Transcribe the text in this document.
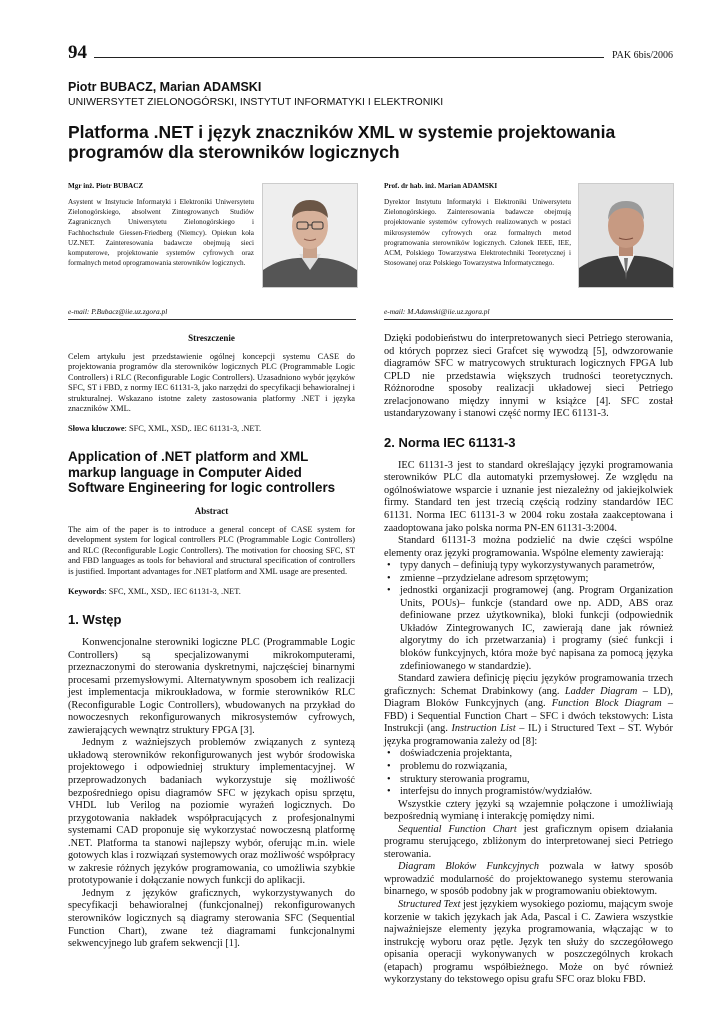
94	PAK 6bis/2006
Piotr BUBACZ, Marian ADAMSKI
UNIWERSYTET ZIELONOGÓRSKI, INSTYTUT INFORMATYKI I ELEKTRONIKI
Platforma .NET i język znaczników XML w systemie projektowania programów dla sterowników logicznych
Mgr inż. Piotr BUBACZ
Asystent w Instytucie Informatyki i Elektroniki Uniwersytetu Zielonogórskiego, absolwent Zintegrowanych Studiów Zagranicznych Uniwersytetu Zielonogórskiego i Fachhochschule Giessen-Friedberg (Niemcy). Opiekun koła UZ.NET. Zainteresowania badawcze obejmują sieci komputerowe, projektowanie systemów cyfrowych oraz formalnych metod oprogramowania sterowników logicznych.
e-mail: P.Bubacz@iie.uz.zgora.pl
Prof. dr hab. inż. Marian ADAMSKI
Dyrektor Instytutu Informatyki i Elektroniki Uniwersytetu Zielonogórskiego. Zainteresowania badawcze obejmują projektowanie systemów cyfrowych realizowanych w postaci mikrosystemów cyfrowych oraz formalnych metod programowania sterowników logicznych. Członek IEEE, IEE, ACM, Polskiego Towarzystwa Elektrotechniki Teoretycznej i Stosowanej oraz Polskiego Towarzystwa Informatycznego.
e-mail: M.Adamski@iie.uz.zgora.pl
Streszczenie
Celem artykułu jest przedstawienie ogólnej koncepcji systemu CASE do projektowania programów dla sterowników logicznych PLC (Programmable Logic Controllers) i RLC (Reconfigurable Logic Controllers). Uzasadniono wybór języków SFC, ST i FBD, z normy IEC 61131-3, jako narzędzi do specyfikacji behawioralnej i strukturalnej. Wskazano istotne zalety zastosowania platformy .NET i języka znaczników XML.
Słowa kluczowe: SFC, XML, XSD,. IEC 61131-3, .NET.
Application of .NET platform and XML markup language in Computer Aided Software Engineering for logic controllers
Abstract
The aim of the paper is to introduce a general concept of CASE system for development system for logical controllers PLC (Programmable Logic Controllers) and RLC (Reconfigurable Logic Controllers). The motivation for choosing SFC, ST and FBD languages as tools for behavioral and structural specification of controllers is justified. Important advantages for .NET platform and XML usage are presented.
Keywords: SFC, XML, XSD,. IEC 61131-3, .NET.
1. Wstęp

Konwencjonalne sterowniki logiczne PLC (Programmable Logic Controllers) są specjalizowanymi mikrokomputerami, przeznaczonymi do sterowania dyskretnymi, najczęściej binarnymi procesami przemysłowymi. Alternatywnym sposobem ich realizacji jest implementacja mikroukładowa, w formie sterowników RLC (Reconfigurable Logic Controllers), wbudowanych na przykład do nowoczesnych rekonfigurowanych mikrosystemów cyfrowych, zawierających wewnątrz struktury FPGA [3].

Jednym z ważniejszych problemów związanych z syntezą układową sterowników rekonfigurowanych jest wybór środowiska projektowego i odpowiedniej struktury implementacyjnej. W przeprowadzonych badaniach wykorzystuje się możliwość bezpośredniego opisu diagramów SFC w językach opisu sprzętu, VHDL lub Verilog na poziomie wyrażeń logicznych. Do przygotowania nakładek współpracujących z profesjonalnymi systemami CAD proponuje się wykorzystać nowoczesną platformę .NET. Platforma ta stanowi najlepszy wybór, oferując m.in. wiele gotowych klas i rozwiązań systemowych oraz możliwość współpracy w zakresie różnych języków programowania, co umożliwia szybkie prototypowanie i dołączanie nowych funkcji do aplikacji.

Jednym z języków graficznych, wykorzystywanych do specyfikacji behawioralnej (funkcjonalnej) rekonfigurowanych sterowników logicznych są diagramy sterowania SFC (Sequential Function Chart), zwane też diagramami funkcjonalnymi sekwencyjnego lub grafem sekwencji [1].

Dzięki podobieństwu do interpretowanych sieci Petriego sterowania, od których poprzez sieci Grafcet się wywodzą [5], odwzorowanie diagramów SFC w matrycowych strukturach logicznych FPGA lub CPLD nie przedstawia większych trudności teoretycznych. Różnorodne sposoby realizacji układowej sieci Petriego zrelacjonowano między innymi w książce [4]. SFC został ustandaryzowany i stanowi część normy IEC 61131-3.

2. Norma IEC 61131-3

IEC 61131-3 jest to standard określający języki programowania sterowników PLC dla automatyki przemysłowej. Ze względu na ogólnoświatowe wsparcie i uznanie jest niezależny od jakiejkolwiek firmy. Standard ten jest trzecią częścią rodziny standardów IEC 61131. Norma IEC 61131-3 w 2004 roku została zaakceptowana i zaadoptowana jako polska norma PN-EN 61131-3:2004.

Standard 61131-3 można podzielić na dwie części wspólne elementy oraz języki programowania. Wspólne elementy zawierają:

• typy danych – definiują typy wykorzystywanych parametrów,
• zmienne –przydzielane adresom sprzętowym;
• jednostki organizacji programowej (ang. Program Organization Units, POUs)– funkcje (standard owe np. ADD, ABS oraz definiowane przez użytkownika), bloki funkcji (odpowiednik Układów Zintegrowanych IC, zawierają dane jak również algorytmy do ich przetwarzania) i programy (sieć funkcji i bloków funkcyjnych, która może być napisana za pomocą języka zdefiniowanego w standardzie).

Standard zawiera definicję pięciu języków programowania trzech graficznych: Schemat Drabinkowy (ang. Ladder Diagram – LD), Diagram Bloków Funkcyjnych (ang. Function Block Diagram – FBD) i Sequential Function Chart – SFC i dwóch tekstowych: Lista Instrukcji (ang. Instruction List – IL) i Structured Text – ST. Wybór języka programowania zależy od [8]:

• doświadczenia projektanta,
• problemu do rozwiązania,
• struktury sterowania programu,
• interfejsu do innych programistów/wydziałów.

Wszystkie cztery języki są wzajemnie połączone i umożliwiają bezpośrednią wymianę i interakcję pomiędzy nimi.

Sequential Function Chart jest graficznym opisem działania programu sterującego, zbliżonym do interpretowanej sieci Petriego sterowania.

Diagram Bloków Funkcyjnych pozwala w łatwy sposób wprowadzić modularność do projektowanego systemu sterowania binarnego, w sposób podobny jak w programowaniu obiektowym.

Structured Text jest językiem wysokiego poziomu, mającym swoje korzenie w takich językach jak Ada, Pascal i C. Zawiera wszystkie najważniejsze elementy języka programowania, włączając w to instrukcję wyboru oraz pętle. Język ten służy do szczegółowego opisania operacji wykonywanych w poszczególnych krokach (etapach) programu współbieżnego. Może on być również wykorzystany do tekstowego opisu grafu SFC oraz bloku FBD.
